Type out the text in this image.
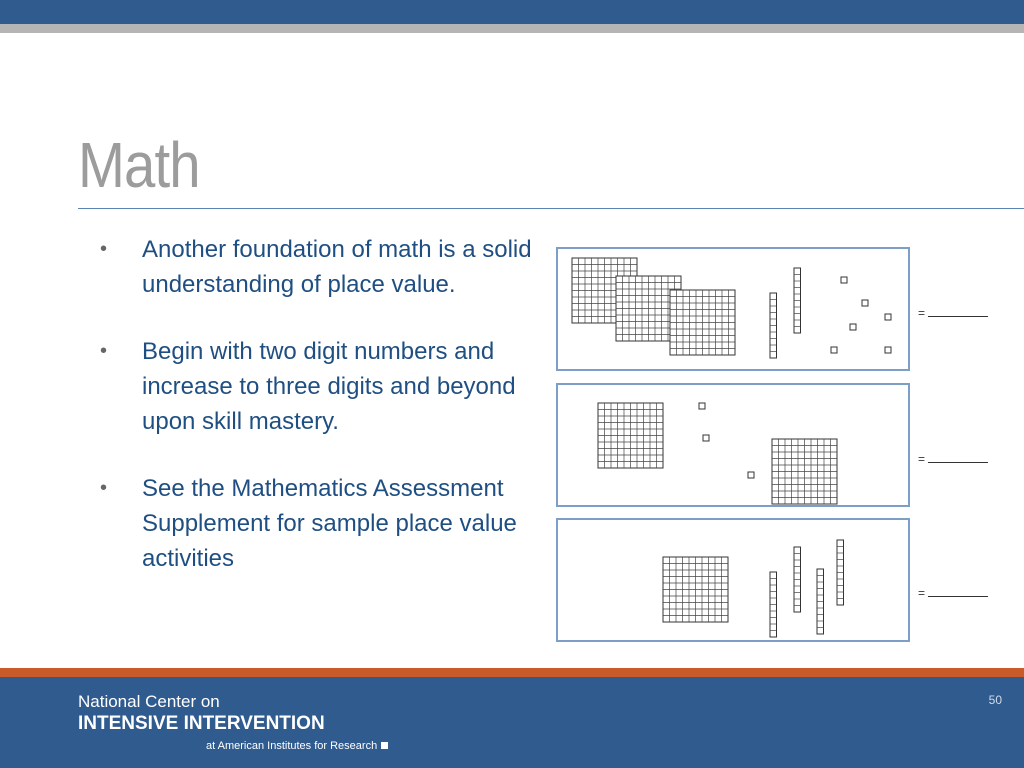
Math
• Another foundation of math is a solid understanding of place value.
• Begin with two digit numbers and increase to three digits and beyond upon skill mastery.
• See the Mathematics Assessment Supplement for sample place value activities
=
=
=
National Center on
INTENSIVE INTERVENTION
at American Institutes for Research
50
